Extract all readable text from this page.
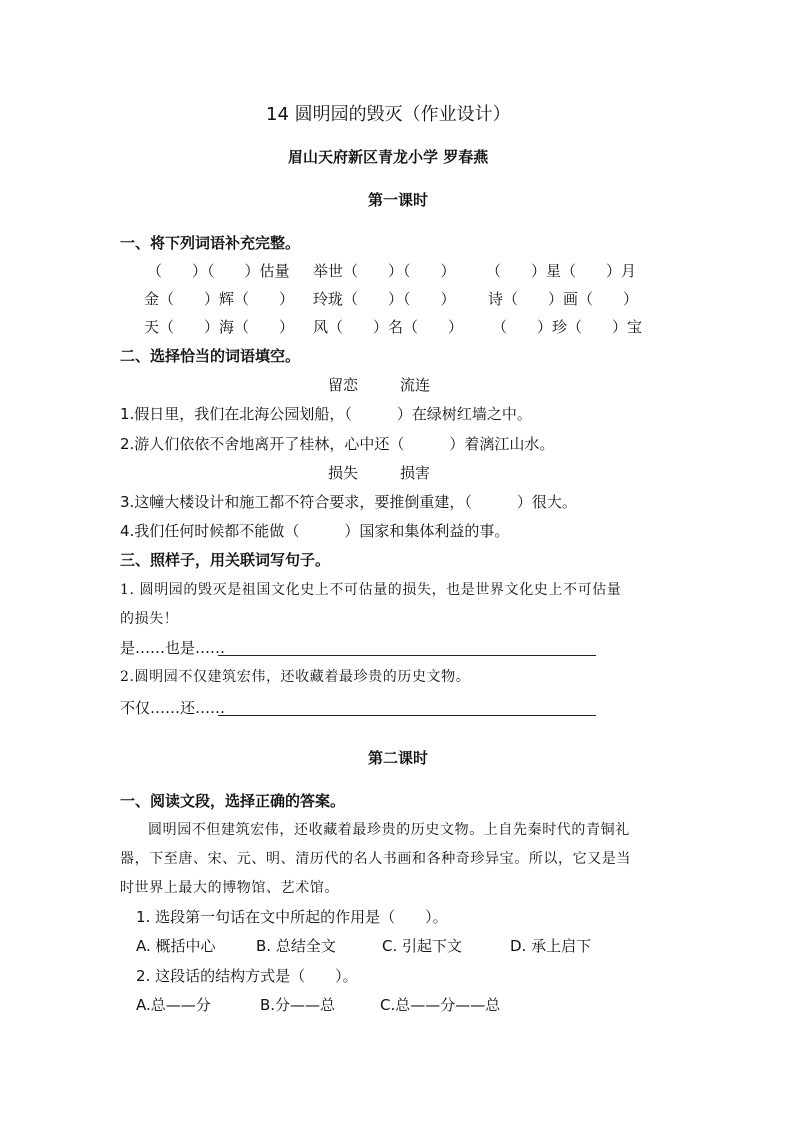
14 圆明园的毁灭（作业设计）
眉山天府新区青龙小学 罗春燕
第一课时
一、将下列词语补充完整。
（　　）（　　）估量 举世（　　）（　　） （　　）星（　　）月
金（　　）辉（　　） 玲珑（　　）（　　） 诗（　　）画（　　）
天（　　）海（　　） 风（　　）名（　　） （　　）珍（　　）宝
二、选择恰当的词语填空。
留恋	流连
1.假日里，我们在北海公园划船，（　　　）在绿树红墙之中。
2.游人们依依不舍地离开了桂林，心中还（　　　）着漓江山水。
损失	损害
3.这幢大楼设计和施工都不符合要求，要推倒重建，（　　　）很大。
4.我们任何时候都不能做（　　　）国家和集体利益的事。
三、照样子，用关联词写句子。
1. 圆明园的毁灭是祖国文化史上不可估量的损失，也是世界文化史上不可估量
的损失！
是……也是……
2.圆明园不仅建筑宏伟，还收藏着最珍贵的历史文物。
不仅……还……
第二课时
一、阅读文段，选择正确的答案。
圆明园不但建筑宏伟，还收藏着最珍贵的历史文物。上自先秦时代的青铜礼
器，下至唐、宋、元、明、清历代的名人书画和各种奇珍异宝。所以，它又是当
时世界上最大的博物馆、艺术馆。
1. 选段第一句话在文中所起的作用是（　　）。
A. 概括中心	B. 总结全文	C. 引起下文	D. 承上启下
2. 这段话的结构方式是（　　）。
A.总——分	B.分——总	C.总——分——总
